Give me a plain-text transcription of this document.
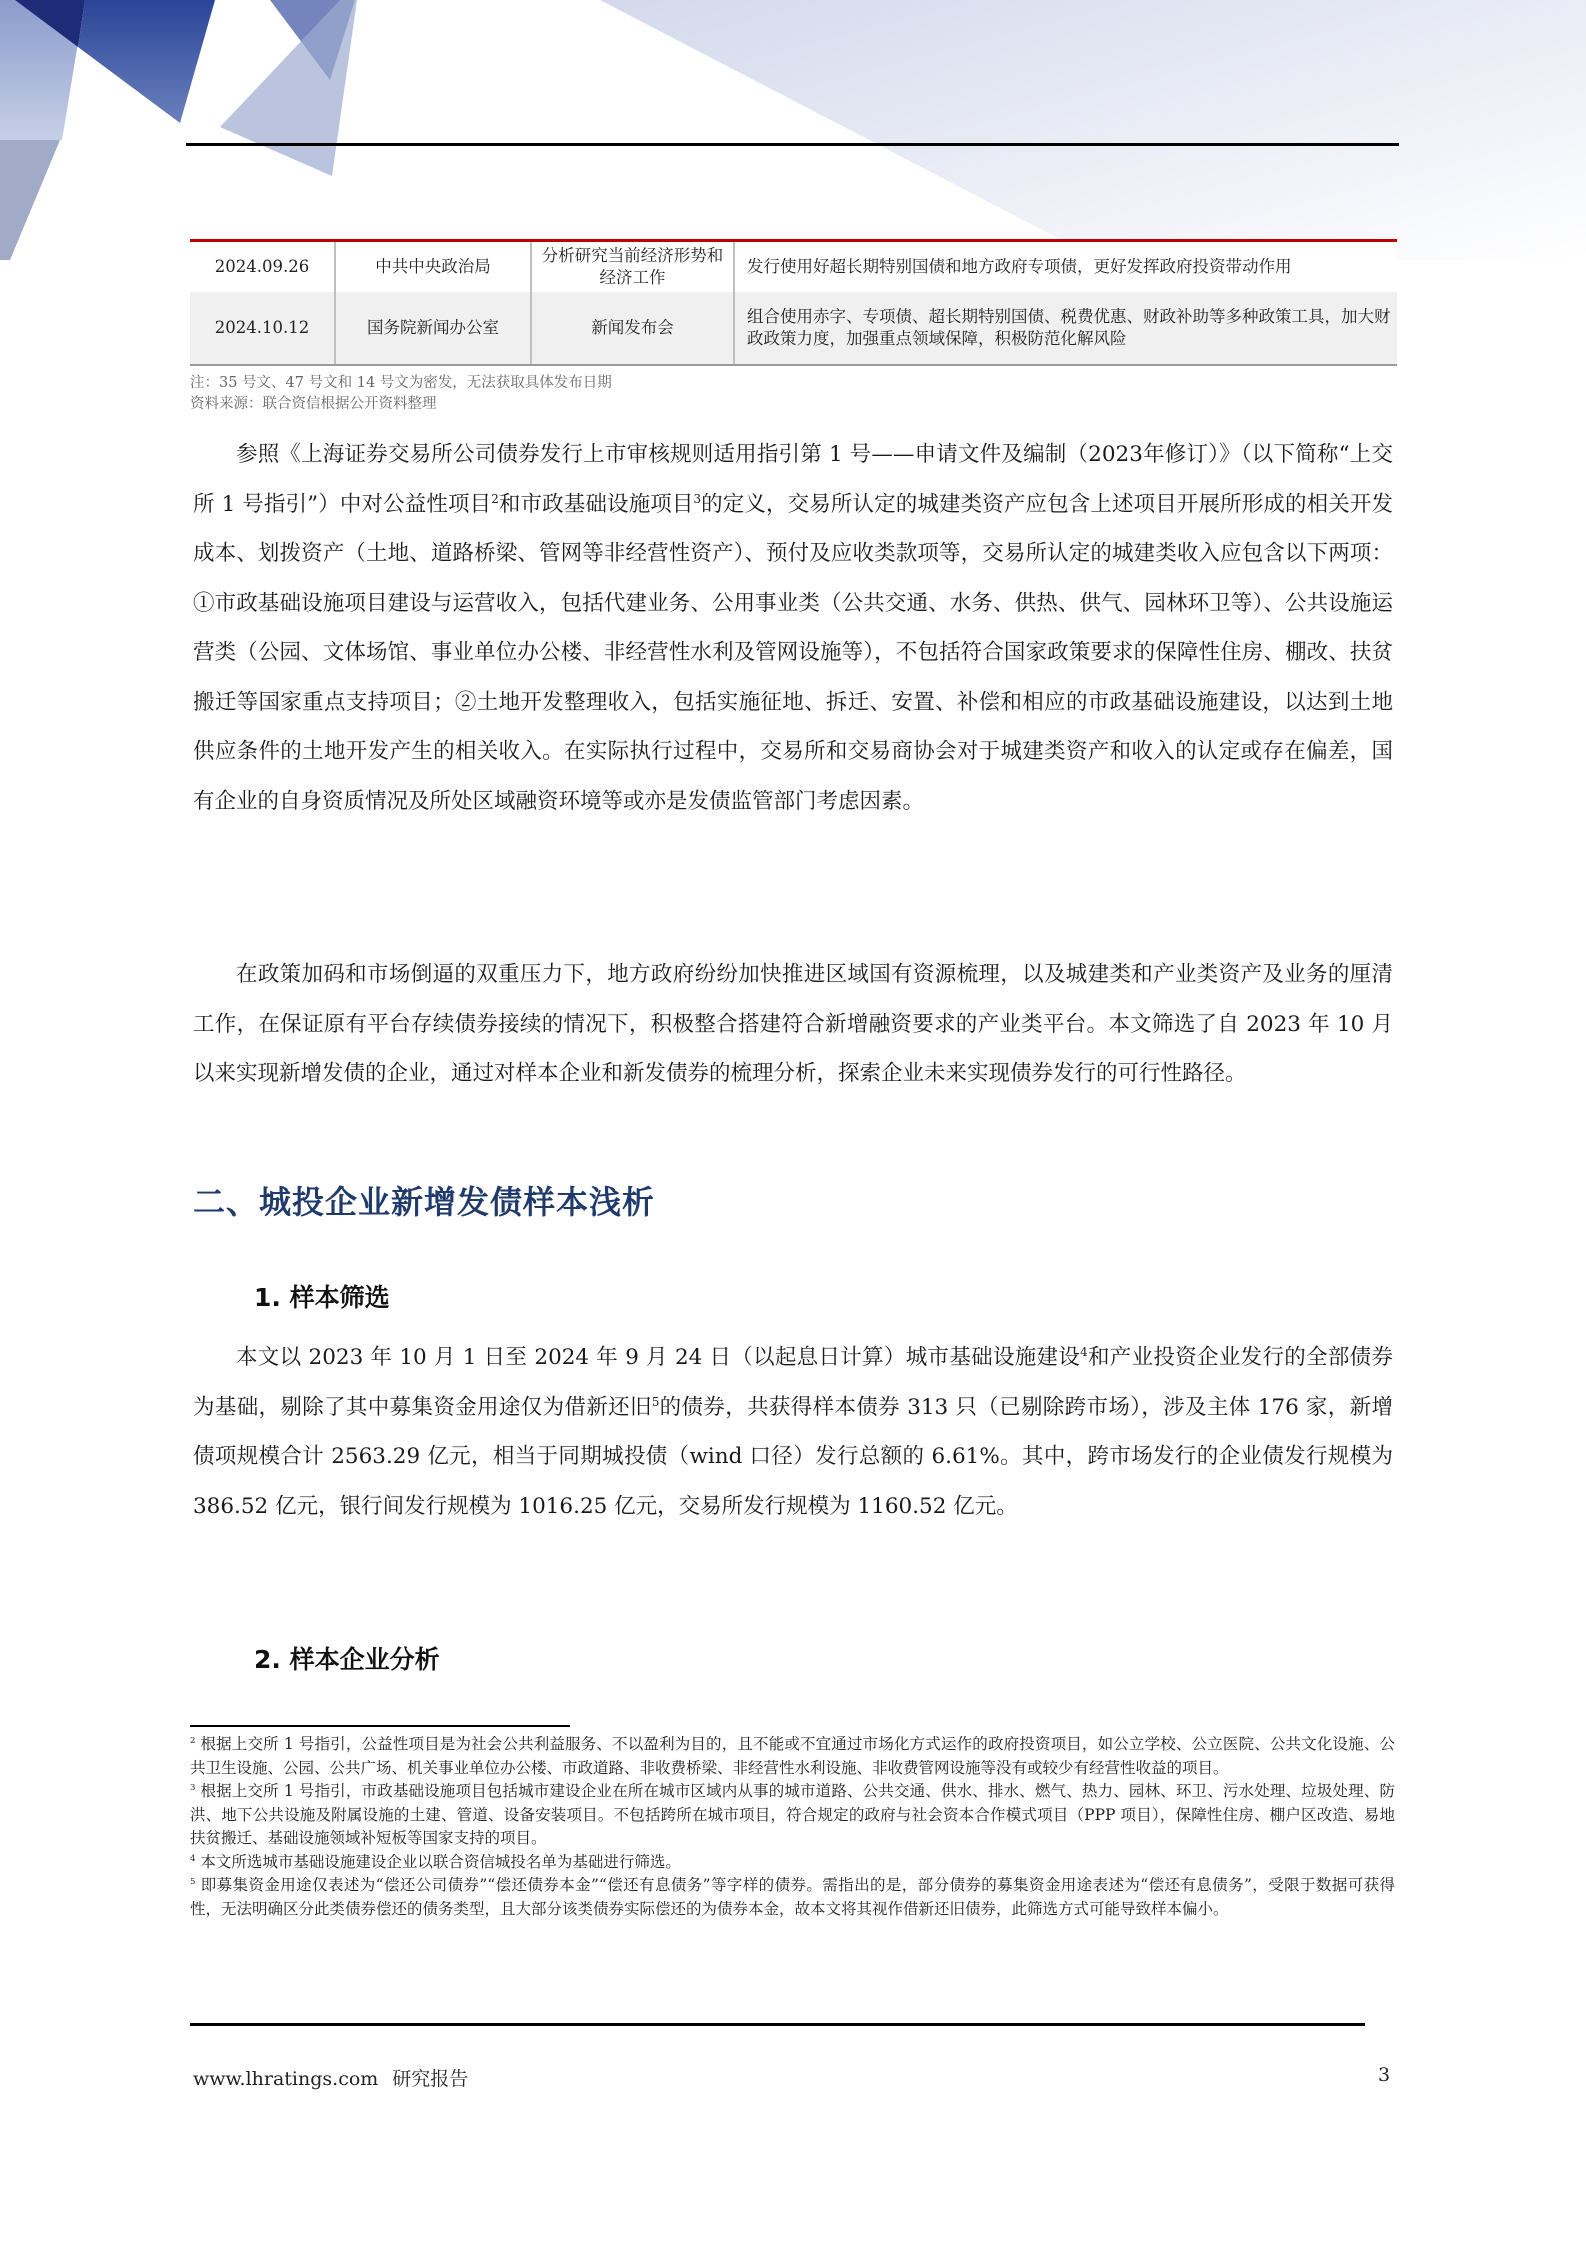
2024.09.26	中共中央政治局	分析研究当前经济形势和经济工作	发行使用好超长期特别国债和地方政府专项债，更好发挥政府投资带动作用
2024.10.12	国务院新闻办公室	新闻发布会	组合使用赤字、专项债、超长期特别国债、税费优惠、财政补助等多种政策工具，加大财政政策力度，加强重点领域保障，积极防范化解风险
注：35 号文、47 号文和 14 号文为密发，无法获取具体发布日期
资料来源：联合资信根据公开资料整理

参照《上海证券交易所公司债券发行上市审核规则适用指引第 1 号——申请文件及编制（2023年修订）》（以下简称“上交所 1 号指引”）中对公益性项目$^2$和市政基础设施项目$^3$的定义，交易所认定的城建类资产应包含上述项目开展所形成的相关开发成本、划拨资产（土地、道路桥梁、管网等非经营性资产）、预付及应收类款项等，交易所认定的城建类收入应包含以下两项：①市政基础设施项目建设与运营收入，包括代建业务、公用事业类（公共交通、水务、供热、供气、园林环卫等）、公共设施运营类（公园、文体场馆、事业单位办公楼、非经营性水利及管网设施等），不包括符合国家政策要求的保障性住房、棚改、扶贫搬迁等国家重点支持项目；②土地开发整理收入，包括实施征地、拆迁、安置、补偿和相应的市政基础设施建设，以达到土地供应条件的土地开发产生的相关收入。在实际执行过程中，交易所和交易商协会对于城建类资产和收入的认定或存在偏差，国有企业的自身资质情况及所处区域融资环境等或亦是发债监管部门考虑因素。

在政策加码和市场倒逼的双重压力下，地方政府纷纷加快推进区域国有资源梳理，以及城建类和产业类资产及业务的厘清工作，在保证原有平台存续债券接续的情况下，积极整合搭建符合新增融资要求的产业类平台。本文筛选了自 2023 年 10 月以来实现新增发债的企业，通过对样本企业和新发债券的梳理分析，探索企业未来实现债券发行的可行性路径。

二、城投企业新增发债样本浅析
1. 样本筛选

本文以 2023 年 10 月 1 日至 2024 年 9 月 24 日（以起息日计算）城市基础设施建设$^4$和产业投资企业发行的全部债券为基础，剔除了其中募集资金用途仅为借新还旧$^5$的债券，共获得样本债券 313 只（已剔除跨市场），涉及主体 176 家，新增债项规模合计 2563.29 亿元，相当于同期城投债（wind 口径）发行总额的 6.61%。其中，跨市场发行的企业债发行规模为 386.52 亿元，银行间发行规模为 1016.25 亿元，交易所发行规模为 1160.52 亿元。

2. 样本企业分析

$^2$ 根据上交所 1 号指引，公益性项目是为社会公共利益服务、不以盈利为目的，且不能或不宜通过市场化方式运作的政府投资项目，如公立学校、公立医院、公共文化设施、公共卫生设施、公园、公共广场、机关事业单位办公楼、市政道路、非收费桥梁、非经营性水利设施、非收费管网设施等没有或较少有经营性收益的项目。

$^3$ 根据上交所 1 号指引，市政基础设施项目包括城市建设企业在所在城市区域内从事的城市道路、公共交通、供水、排水、燃气、热力、园林、环卫、污水处理、垃圾处理、防洪、地下公共设施及附属设施的土建、管道、设备安装项目。不包括跨所在城市项目，符合规定的政府与社会资本合作模式项目（PPP 项目），保障性住房、棚户区改造、易地扶贫搬迁、基础设施领域补短板等国家支持的项目。

$^4$ 本文所选城市基础设施建设企业以联合资信城投名单为基础进行筛选。

$^5$ 即募集资金用途仅表述为“偿还公司债券”“偿还债券本金”“偿还有息债务”等字样的债券。需指出的是，部分债券的募集资金用途表述为“偿还有息债务”，受限于数据可获得性，无法明确区分此类债券偿还的债务类型，且大部分该类债券实际偿还的为债券本金，故本文将其视作借新还旧债券，此筛选方式可能导致样本偏小。

www.lhratings.com 研究报告	3
